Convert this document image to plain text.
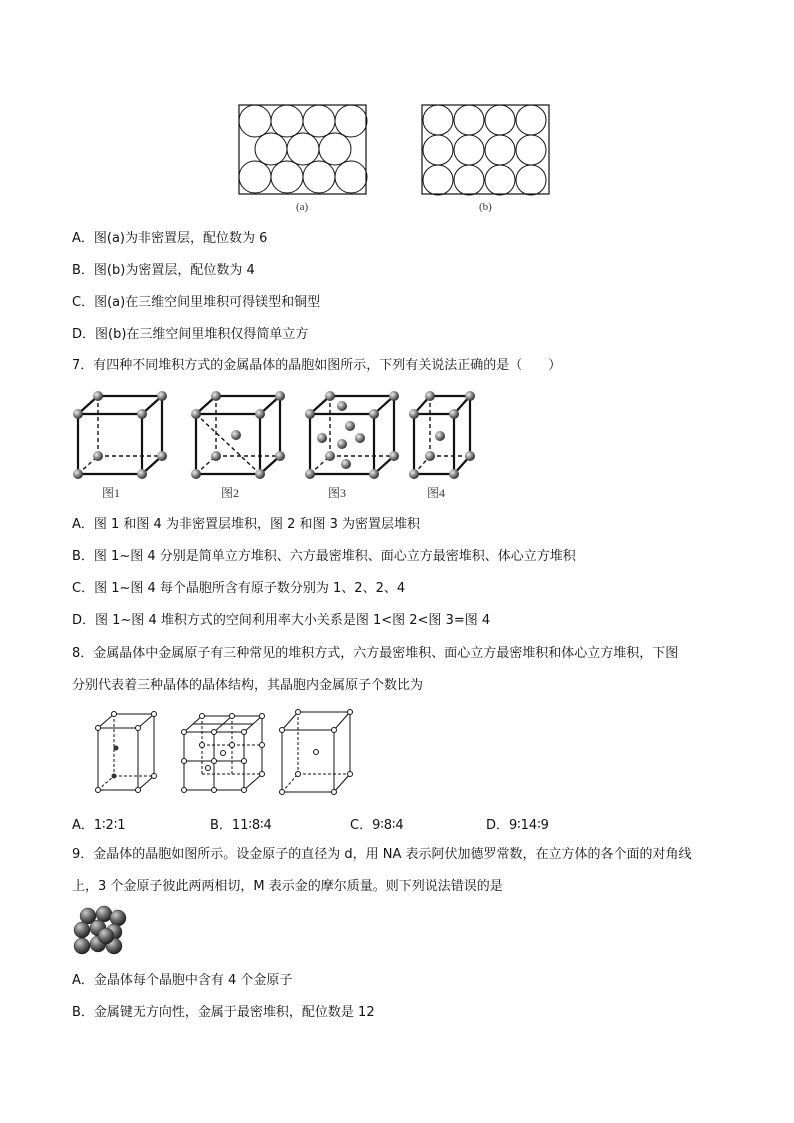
(a)	(b)
A．图(a)为非密置层，配位数为 6
B．图(b)为密置层，配位数为 4
C．图(a)在三维空间里堆积可得镁型和铜型
D．图(b)在三维空间里堆积仅得简单立方
7．有四种不同堆积方式的金属晶体的晶胞如图所示，下列有关说法正确的是（　　）
图1	图2	图3	图4
A．图 1 和图 4 为非密置层堆积，图 2 和图 3 为密置层堆积
B．图 1~图 4 分别是简单立方堆积、六方最密堆积、面心立方最密堆积、体心立方堆积
C．图 1~图 4 每个晶胞所含有原子数分别为 1、2、2、4
D．图 1~图 4 堆积方式的空间利用率大小关系是图 1<图 2<图 3=图 4
8．金属晶体中金属原子有三种常见的堆积方式，六方最密堆积、面心立方最密堆积和体心立方堆积，下图
分别代表着三种晶体的晶体结构，其晶胞内金属原子个数比为
A．1∶2∶1	B．11∶8∶4	C．9∶8∶4	D．9∶14∶9
9．金晶体的晶胞如图所示。设金原子的直径为 d，用 NA 表示阿伏加德罗常数，在立方体的各个面的对角线
上，3 个金原子彼此两两相切，M 表示金的摩尔质量。则下列说法错误的是
A．金晶体每个晶胞中含有 4 个金原子
B．金属键无方向性，金属于最密堆积，配位数是 12
